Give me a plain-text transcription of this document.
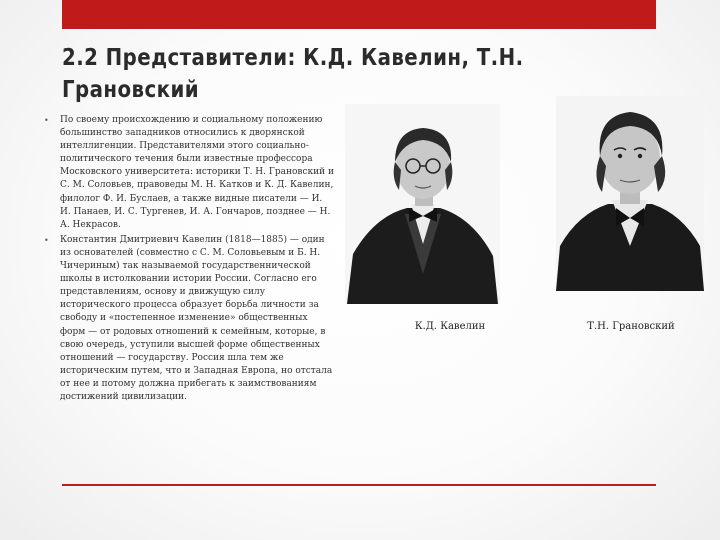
2.2 Представители: К.Д. Кавелин, Т.Н. Грановский
• По своему происхождению и социальному положению большинство западников относились к дворянской интеллигенции. Представителями этого социально-политического течения были известные профессора Московского университета: историки Т. Н. Грановский и С. М. Соловьев, правоведы М. Н. Катков и К. Д. Кавелин, филолог Ф. И. Буслаев, а также видные писатели — И. И. Панаев, И. С. Тургенев, И. А. Гончаров, позднее — Н. А. Некрасов.
• Константин Дмитриевич Кавелин (1818—1885) — один из основателей (совместно с С. М. Соловьевым и Б. Н. Чичериным) так называемой государственнической школы в истолковании истории России. Согласно его представлениям, основу и движущую силу исторического процесса образует борьба личности за свободу и «постепенное изменение» общественных форм — от родовых отношений к семейным, которые, в свою очередь, уступили высшей форме общественных отношений — государству. Россия шла тем же историческим путем, что и Западная Европа, но отстала от нее и потому должна прибегать к заимствованиям достижений цивилизации.
К.Д. Кавелин	Т.Н. Грановский
